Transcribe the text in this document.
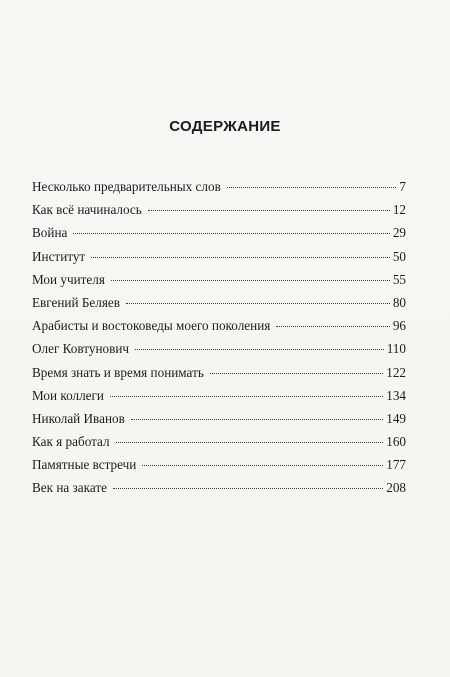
СОДЕРЖАНИЕ
Несколько предварительных слов	7
Как всё начиналось	12
Война	29
Институт	50
Мои учителя	55
Евгений Беляев	80
Арабисты и востоковеды моего поколения	96
Олег Ковтунович	110
Время знать и время понимать	122
Мои коллеги	134
Николай Иванов	149
Как я работал	160
Памятные встречи	177
Век на закате	208
